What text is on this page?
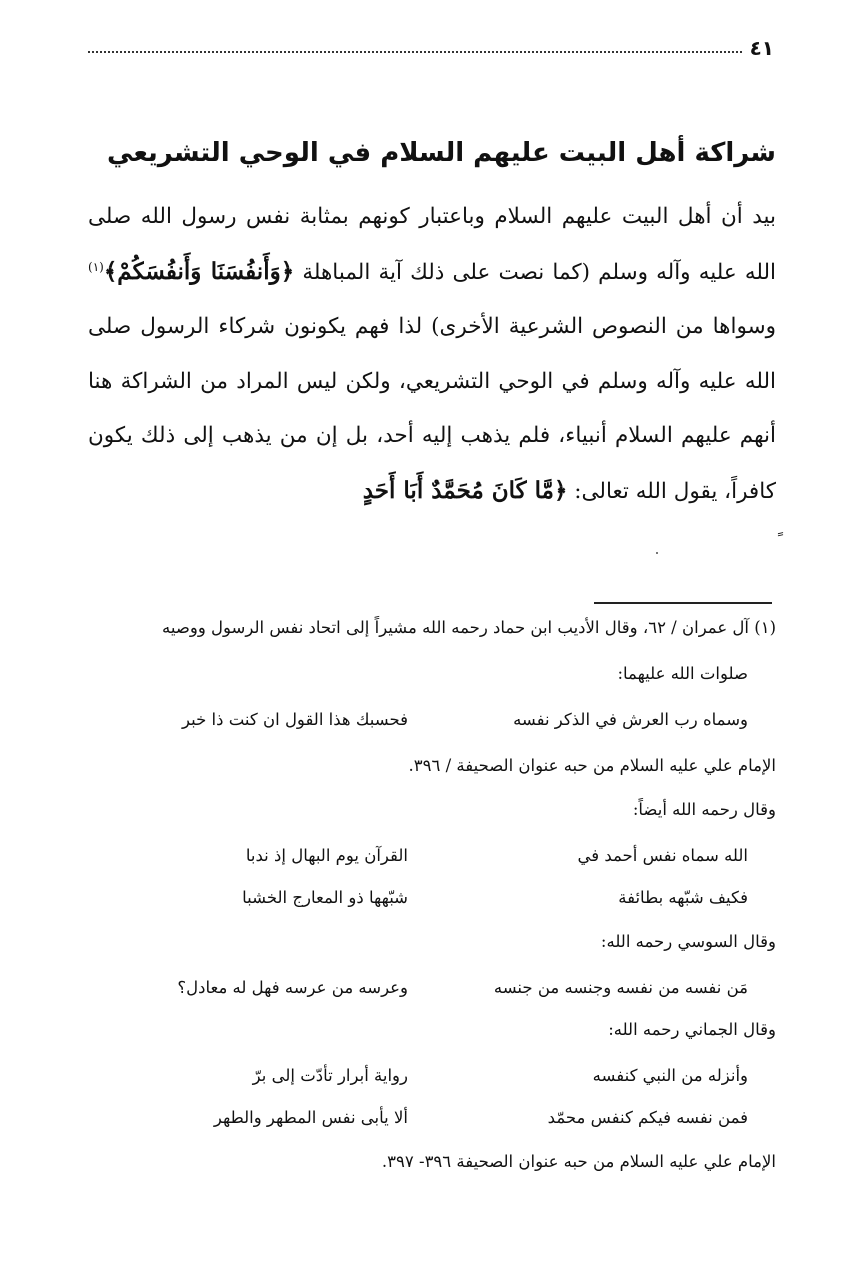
٤١
شراكة أهل البيت عليهم السلام في الوحي التشريعي

بيد أن أهل البيت عليهم السلام وباعتبار كونهم بمثابة نفس رسول الله صلى الله عليه وآله وسلم (كما نصت على ذلك آية المباهلة ﴿وَأَنفُسَنَا وَأَنفُسَكُمْ﴾$^{(١)}$ وسواها من النصوص الشرعية الأخرى) لذا فهم يكونون شركاء الرسول صلى الله عليه وآله وسلم في الوحي التشريعي، ولكن ليس المراد من الشراكة هنا أنهم عليهم السلام أنبياء، فلم يذهب إليه أحد، بل إن من يذهب إلى ذلك يكون كافراً، يقول الله تعالى: ﴿مَّا كَانَ مُحَمَّدٌ أَبَا أَحَدٍ

(١) آل عمران / ٦٢، وقال الأديب ابن حماد رحمه الله مشيراً إلى اتحاد نفس الرسول ووصيه
صلوات الله عليهما:
وسماه رب العرش في الذكر نفسه
فحسبك هذا القول ان كنت ذا خبر
الإمام علي عليه السلام من حبه عنوان الصحيفة / ٣٩٦.
وقال رحمه الله أيضاً:
الله سماه نفس أحمد في
القرآن يوم البهال إذ ندبا
فكيف شبّهه بطائفة
شبّهها ذو المعارج الخشبا
وقال السوسي رحمه الله:
مَن نفسه من نفسه وجنسه من جنسه
وعرسه من عرسه فهل له معادل؟
وقال الجماني رحمه الله:
وأنزله من النبي كنفسه
رواية أبرار تأدّت إلى برّ
فمن نفسه فيكم كنفس محمّد
ألا يأبى نفس المطهر والطهر
الإمام علي عليه السلام من حبه عنوان الصحيفة ٣٩٦- ٣٩٧.
